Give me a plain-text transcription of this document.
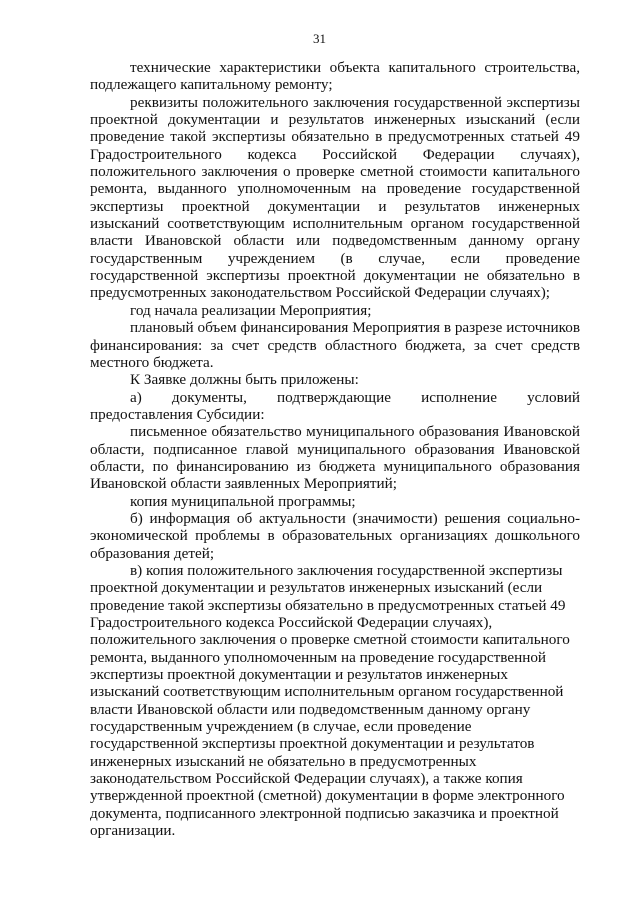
31

технические характеристики объекта капитального строительства, подлежащего капитальному ремонту;

реквизиты положительного заключения государственной экспертизы проектной документации и результатов инженерных изысканий (если проведение такой экспертизы обязательно в предусмотренных статьей 49 Градостроительного кодекса Российской Федерации случаях), положительного заключения о проверке сметной стоимости капитального ремонта, выданного уполномоченным на проведение государственной экспертизы проектной документации и результатов инженерных изысканий соответствующим исполнительным органом государственной власти Ивановской области или подведомственным данному органу государственным учреждением (в случае, если проведение государственной экспертизы проектной документации не обязательно в предусмотренных законодательством Российской Федерации случаях);

год начала реализации Мероприятия;

плановый объем финансирования Мероприятия в разрезе источников финансирования: за счет средств областного бюджета, за счет средств местного бюджета.

К Заявке должны быть приложены:

а) документы, подтверждающие исполнение условий предоставления Субсидии:

письменное обязательство муниципального образования Ивановской области, подписанное главой муниципального образования Ивановской области, по финансированию из бюджета муниципального образования Ивановской области заявленных Мероприятий;

копия муниципальной программы;

б) информация об актуальности (значимости) решения социально-экономической проблемы в образовательных организациях дошкольного образования детей;

в) копия положительного заключения государственной экспертизы проектной документации и результатов инженерных изысканий (если проведение такой экспертизы обязательно в предусмотренных статьей 49 Градостроительного кодекса Российской Федерации случаях), положительного заключения о проверке сметной стоимости капитального ремонта, выданного уполномоченным на проведение государственной экспертизы проектной документации и результатов инженерных изысканий соответствующим исполнительным органом государственной власти Ивановской области или подведомственным данному органу государственным учреждением (в случае, если проведение государственной экспертизы проектной документации и результатов инженерных изысканий не обязательно в предусмотренных законодательством Российской Федерации случаях), а также копия утвержденной проектной (сметной) документации в форме электронного документа, подписанного электронной подписью заказчика и проектной организации.
